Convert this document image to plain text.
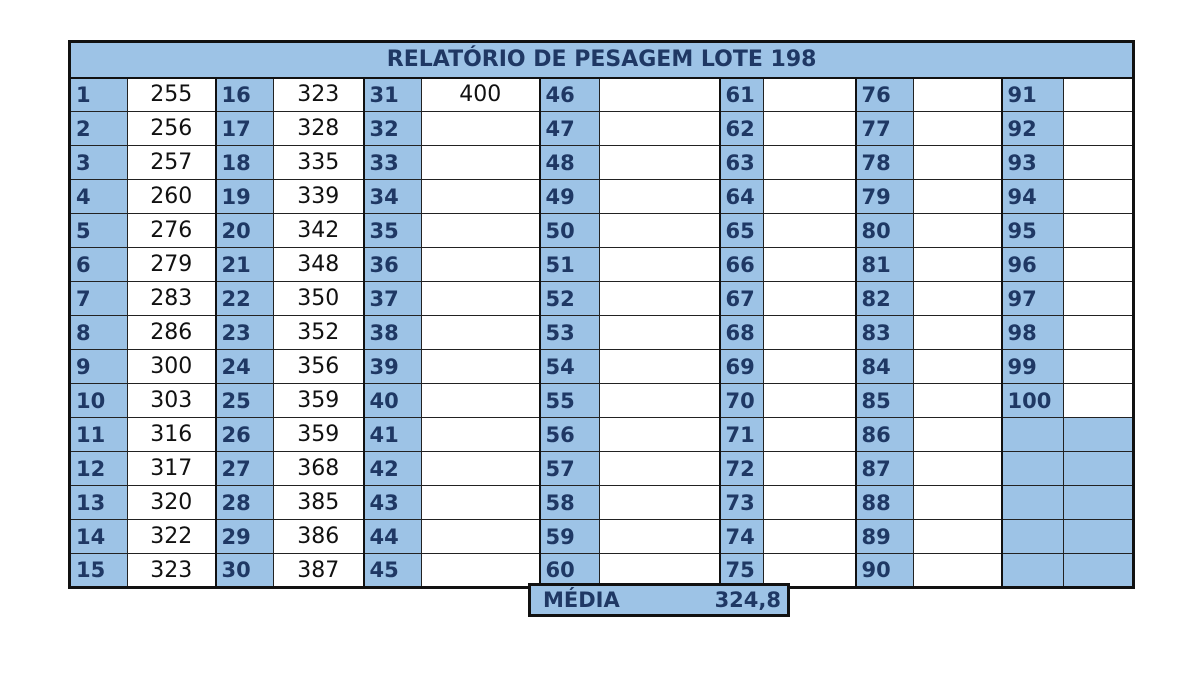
RELATÓRIO DE PESAGEM LOTE 198													
1	255	16	323	31	400	46		61		76		91	
2	256	17	328	32		47		62		77		92	
3	257	18	335	33		48		63		78		93	
4	260	19	339	34		49		64		79		94	
5	276	20	342	35		50		65		80		95	
6	279	21	348	36		51		66		81		96	
7	283	22	350	37		52		67		82		97	
8	286	23	352	38		53		68		83		98	
9	300	24	356	39		54		69		84		99	
10	303	25	359	40		55		70		85		100	
11	316	26	359	41		56		71		86			
12	317	27	368	42		57		72		87			
13	320	28	385	43		58		73		88			
14	322	29	386	44		59		74		89			
15	323	30	387	45		60		75		90			
MÉDIA	324,8
